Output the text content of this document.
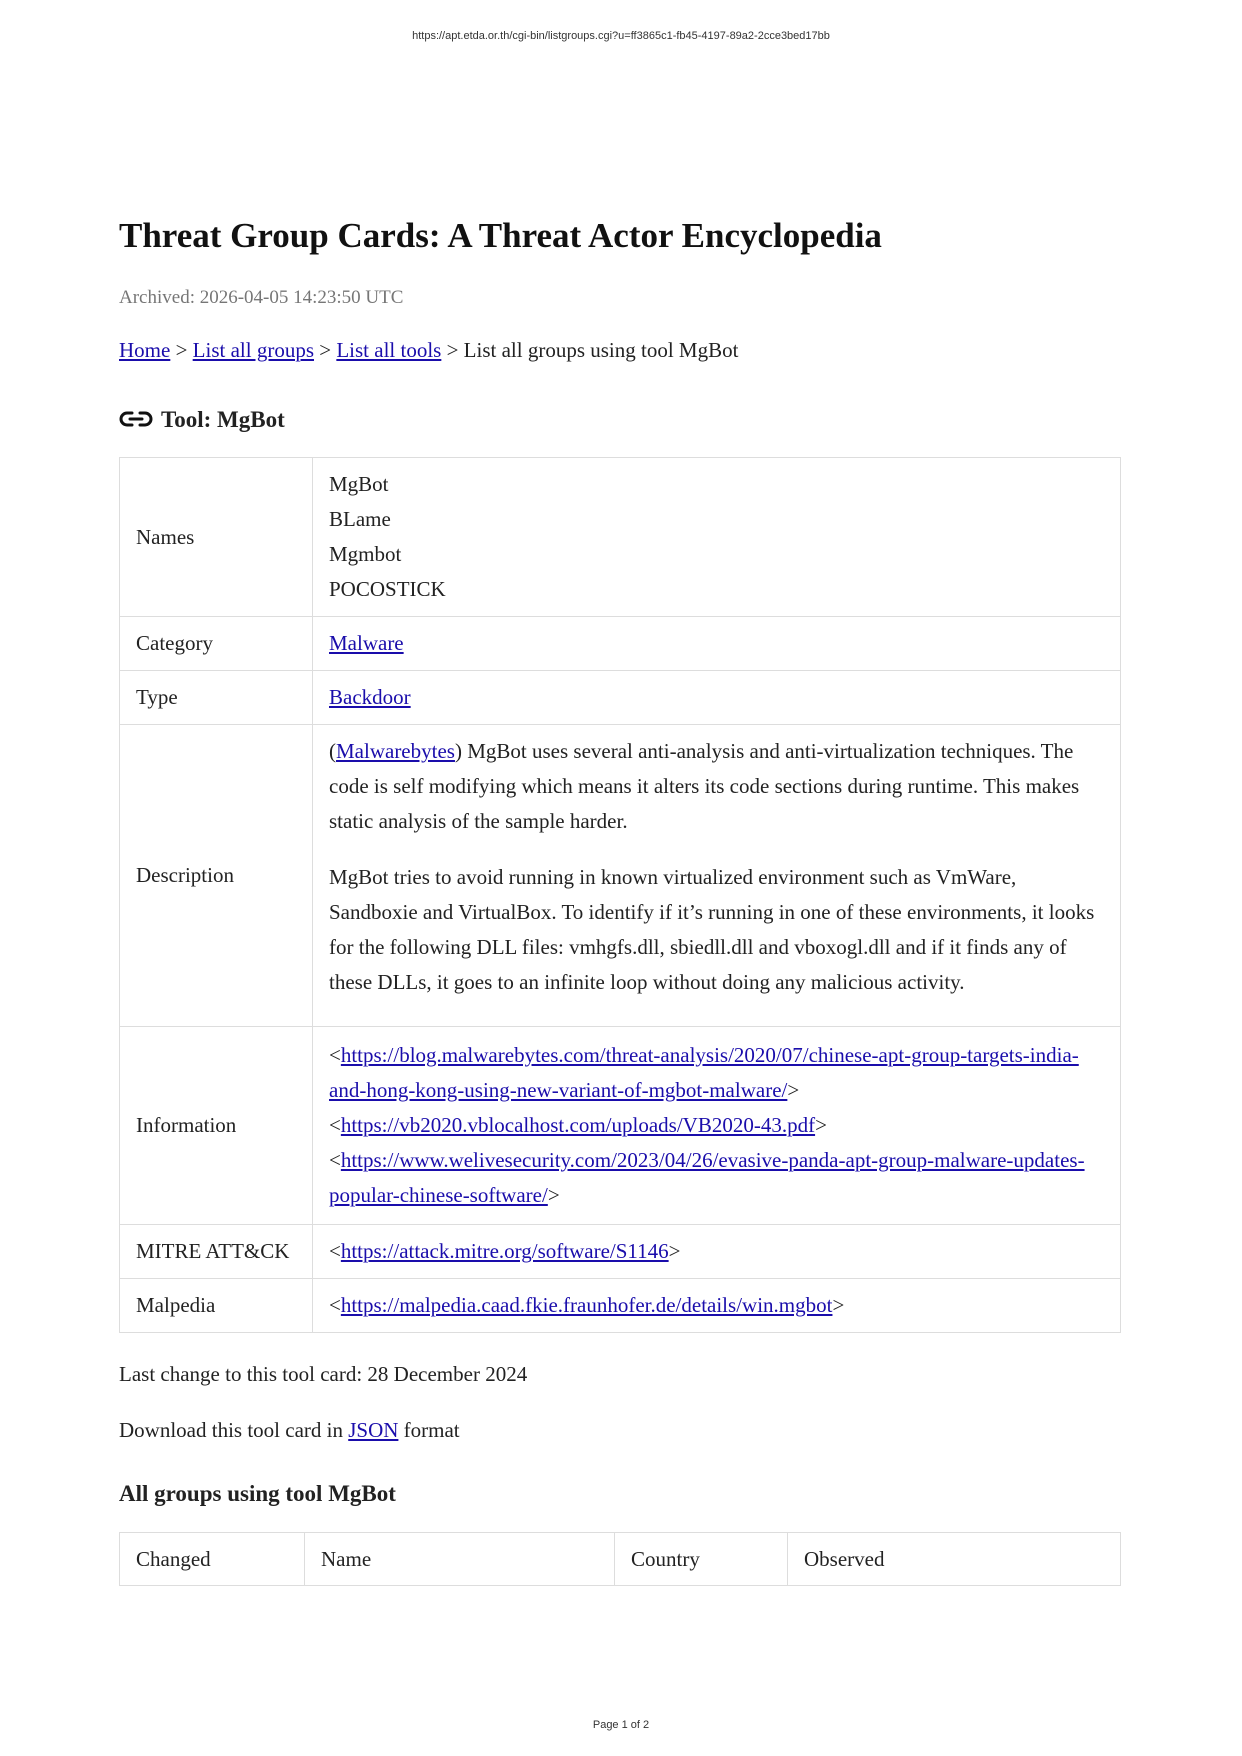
https://apt.etda.or.th/cgi-bin/listgroups.cgi?u=ff3865c1-fb45-4197-89a2-2cce3bed17bb
Threat Group Cards: A Threat Actor Encyclopedia
Archived: 2026-04-05 14:23:50 UTC
Home > List all groups > List all tools > List all groups using tool MgBot
Tool: MgBot
Names	MgBot
BLame
Mgmbot
POCOSTICK

Category	Malware
Type	Backdoor
Description	(Malwarebytes) MgBot uses several anti-analysis and anti-virtualization techniques. The code is self modifying which means it alters its code sections during runtime. This makes static analysis of the sample harder.

MgBot tries to avoid running in known virtualized environment such as VmWare, Sandboxie and VirtualBox. To identify if it’s running in one of these environments, it looks for the following DLL files: vmhgfs.dll, sbiedll.dll and vboxogl.dll and if it finds any of these DLLs, it goes to an infinite loop without doing any malicious activity.

Information	<https://blog.malwarebytes.com/threat-analysis/2020/07/chinese-apt-group-targets-india-and-hong-kong-using-new-variant-of-mgbot-malware/>
<https://vb2020.vblocalhost.com/uploads/VB2020-43.pdf>
<https://www.welivesecurity.com/2023/04/26/evasive-panda-apt-group-malware-updates-popular-chinese-software/>

MITRE ATT&CK	<https://attack.mitre.org/software/S1146>
Malpedia	<https://malpedia.caad.fkie.fraunhofer.de/details/win.mgbot>
Last change to this tool card: 28 December 2024
Download this tool card in JSON format
All groups using tool MgBot
Changed	Name	Country	Observed
Page 1 of 2
